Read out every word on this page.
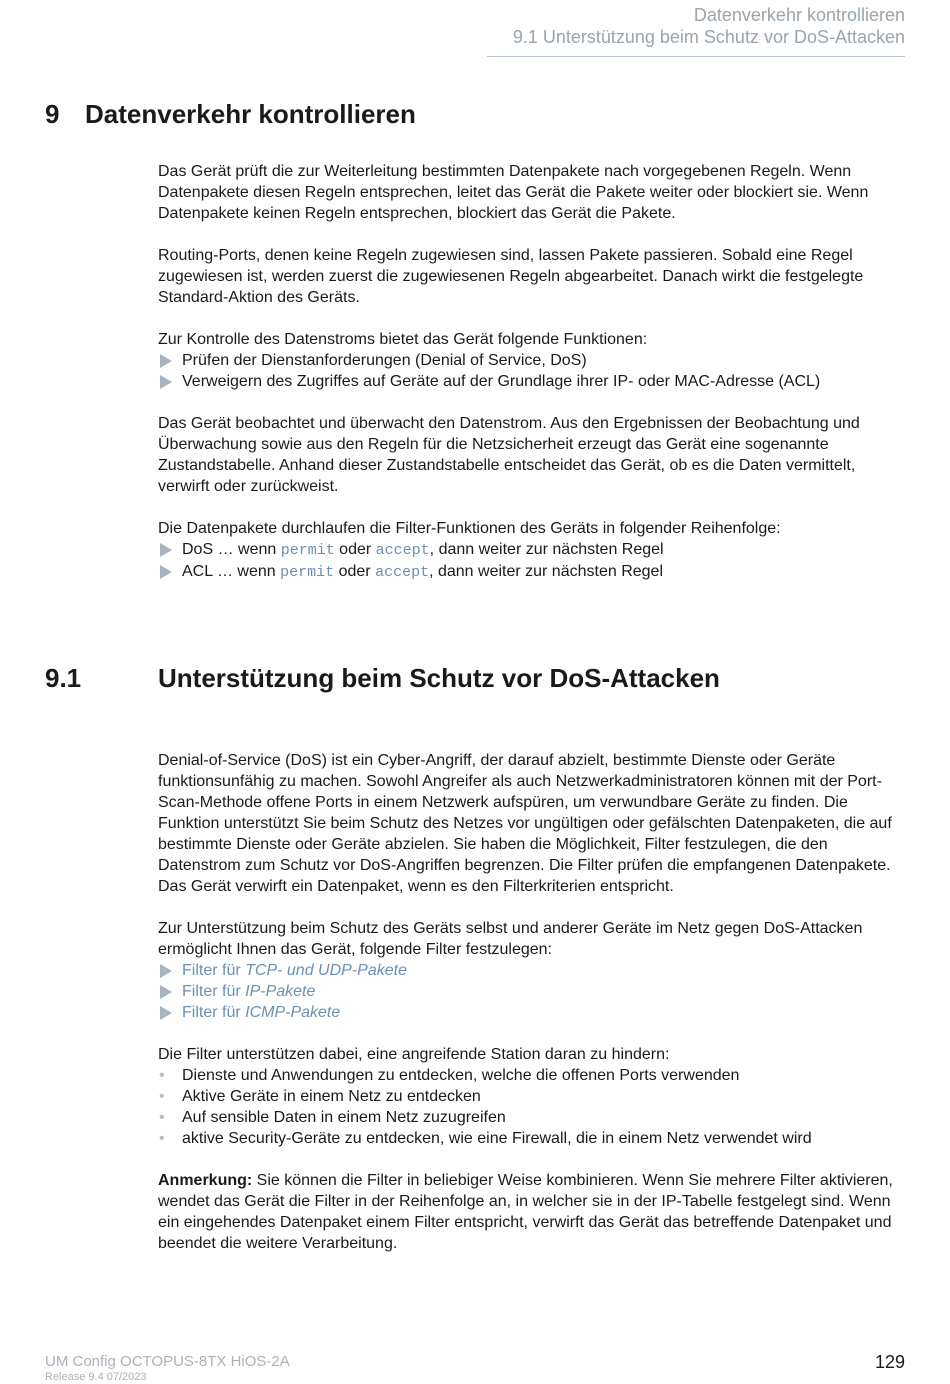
Datenverkehr kontrollieren
9.1 Unterstützung beim Schutz vor DoS-Attacken
9 Datenverkehr kontrollieren

Das Gerät prüft die zur Weiterleitung bestimmten Datenpakete nach vorgegebenen Regeln. Wenn Datenpakete diesen Regeln entsprechen, leitet das Gerät die Pakete weiter oder blockiert sie. Wenn Datenpakete keinen Regeln entsprechen, blockiert das Gerät die Pakete.

Routing-Ports, denen keine Regeln zugewiesen sind, lassen Pakete passieren. Sobald eine Regel zugewiesen ist, werden zuerst die zugewiesenen Regeln abgearbeitet. Danach wirkt die festgelegte Standard-Aktion des Geräts.

Zur Kontrolle des Datenstroms bietet das Gerät folgende Funktionen:

Prüfen der Dienstanforderungen (Denial of Service, DoS)
Verweigern des Zugriffes auf Geräte auf der Grundlage ihrer IP- oder MAC-Adresse (ACL)

Das Gerät beobachtet und überwacht den Datenstrom. Aus den Ergebnissen der Beobachtung und Überwachung sowie aus den Regeln für die Netzsicherheit erzeugt das Gerät eine sogenannte Zustandstabelle. Anhand dieser Zustandstabelle entscheidet das Gerät, ob es die Daten vermittelt, verwirft oder zurückweist.

Die Datenpakete durchlaufen die Filter-Funktionen des Geräts in folgender Reihenfolge:

DoS … wenn permit oder accept, dann weiter zur nächsten Regel
ACL … wenn permit oder accept, dann weiter zur nächsten Regel
9.1	Unterstützung beim Schutz vor DoS-Attacken

Denial-of-Service (DoS) ist ein Cyber-Angriff, der darauf abzielt, bestimmte Dienste oder Geräte funktionsunfähig zu machen. Sowohl Angreifer als auch Netzwerkadministratoren können mit der Port-Scan-Methode offene Ports in einem Netzwerk aufspüren, um verwundbare Geräte zu finden. Die Funktion unterstützt Sie beim Schutz des Netzes vor ungültigen oder gefälschten Datenpaketen, die auf bestimmte Dienste oder Geräte abzielen. Sie haben die Möglichkeit, Filter festzulegen, die den Datenstrom zum Schutz vor DoS-Angriffen begrenzen. Die Filter prüfen die empfangenen Datenpakete. Das Gerät verwirft ein Datenpaket, wenn es den Filterkriterien entspricht.

Zur Unterstützung beim Schutz des Geräts selbst und anderer Geräte im Netz gegen DoS-Attacken ermöglicht Ihnen das Gerät, folgende Filter festzulegen:

Filter für TCP- und UDP-Pakete
Filter für IP-Pakete
Filter für ICMP-Pakete

Die Filter unterstützen dabei, eine angreifende Station daran zu hindern:

• Dienste und Anwendungen zu entdecken, welche die offenen Ports verwenden
• Aktive Geräte in einem Netz zu entdecken
• Auf sensible Daten in einem Netz zuzugreifen
• aktive Security-Geräte zu entdecken, wie eine Firewall, die in einem Netz verwendet wird

Anmerkung: Sie können die Filter in beliebiger Weise kombinieren. Wenn Sie mehrere Filter aktivieren, wendet das Gerät die Filter in der Reihenfolge an, in welcher sie in der IP-Tabelle festgelegt sind. Wenn ein eingehendes Datenpaket einem Filter entspricht, verwirft das Gerät das betreffende Datenpaket und beendet die weitere Verarbeitung.

UM Config OCTOPUS-8TX HiOS-2A
Release 9.4 07/2023
129
